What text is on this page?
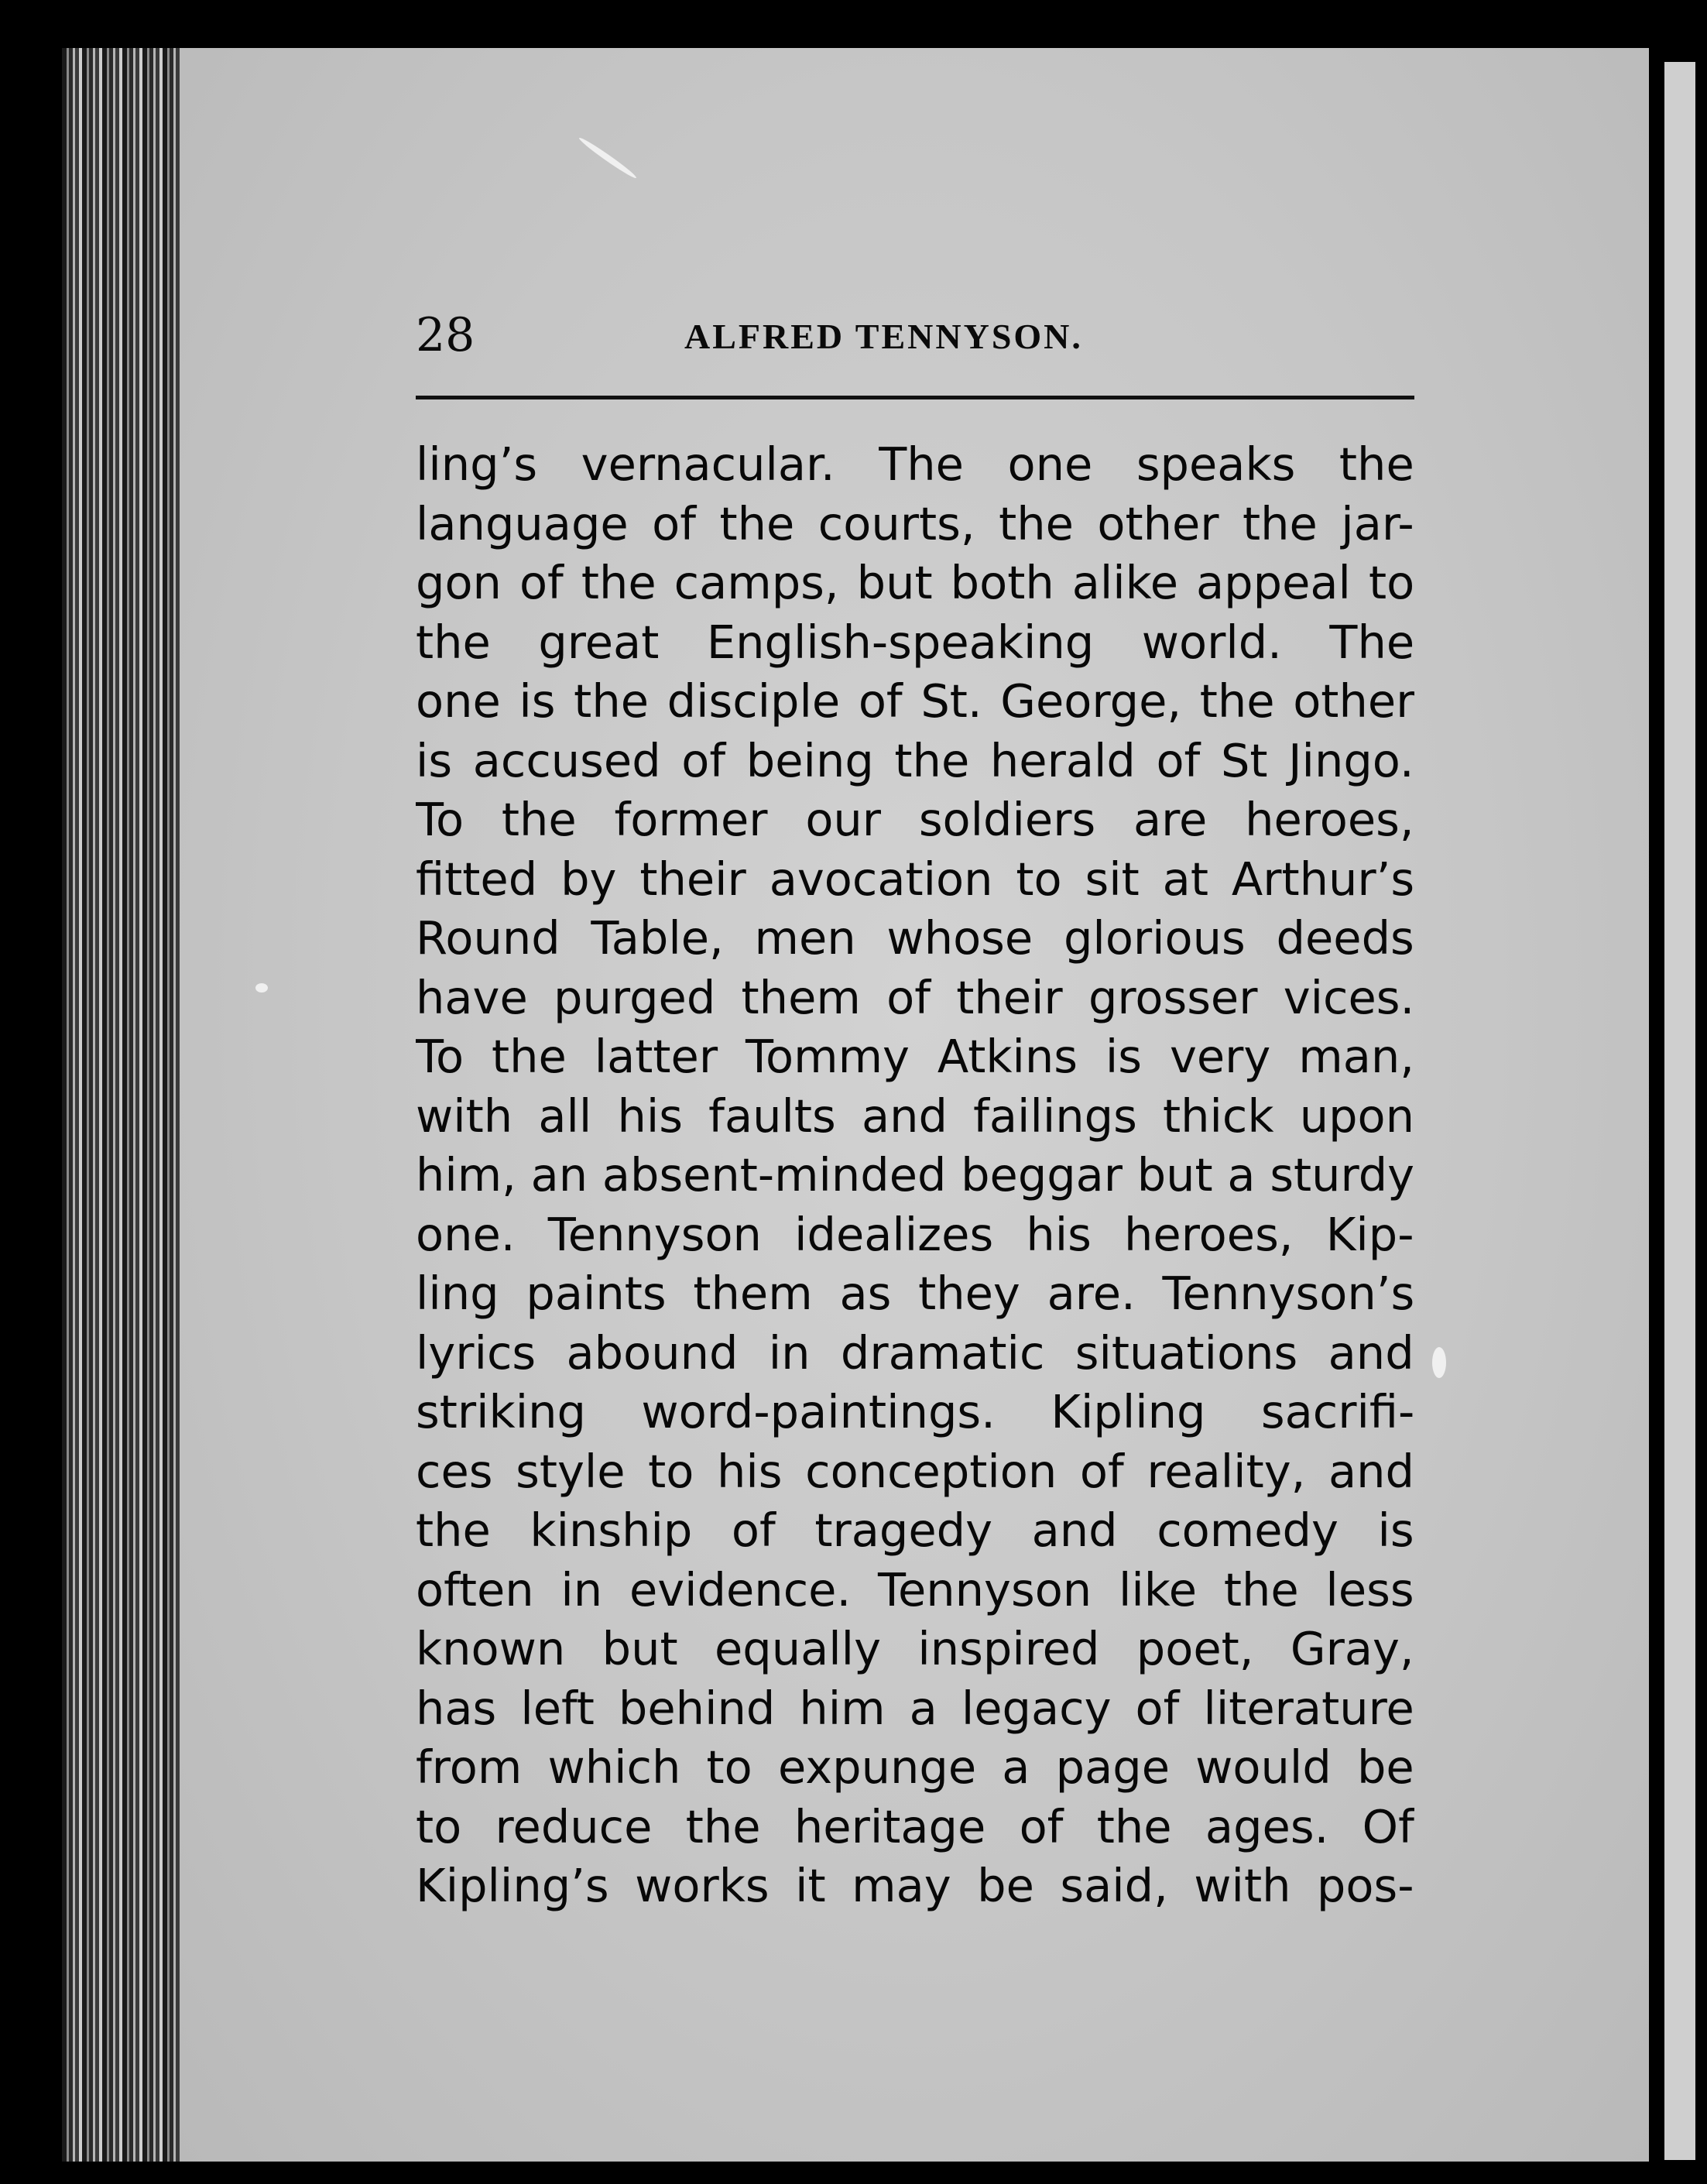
28	ALFRED TENNYSON.
ling’s vernacular. The one speaks the
language of the courts, the other the jar-
gon of the camps, but both alike appeal to
the great English-speaking world. The
one is the disciple of St. George, the other
is accused of being the herald of St Jingo.
To the former our soldiers are heroes,
fitted by their avocation to sit at Arthur’s
Round Table, men whose glorious deeds
have purged them of their grosser vices.
To the latter Tommy Atkins is very man,
with all his faults and failings thick upon
him, an absent-minded beggar but a sturdy
one. Tennyson idealizes his heroes, Kip-
ling paints them as they are. Tennyson’s
lyrics abound in dramatic situations and
striking word-paintings. Kipling sacrifi-
ces style to his conception of reality, and
the kinship of tragedy and comedy is
often in evidence. Tennyson like the less
known but equally inspired poet, Gray,
has left behind him a legacy of literature
from which to expunge a page would be
to reduce the heritage of the ages. Of
Kipling’s works it may be said, with pos-
